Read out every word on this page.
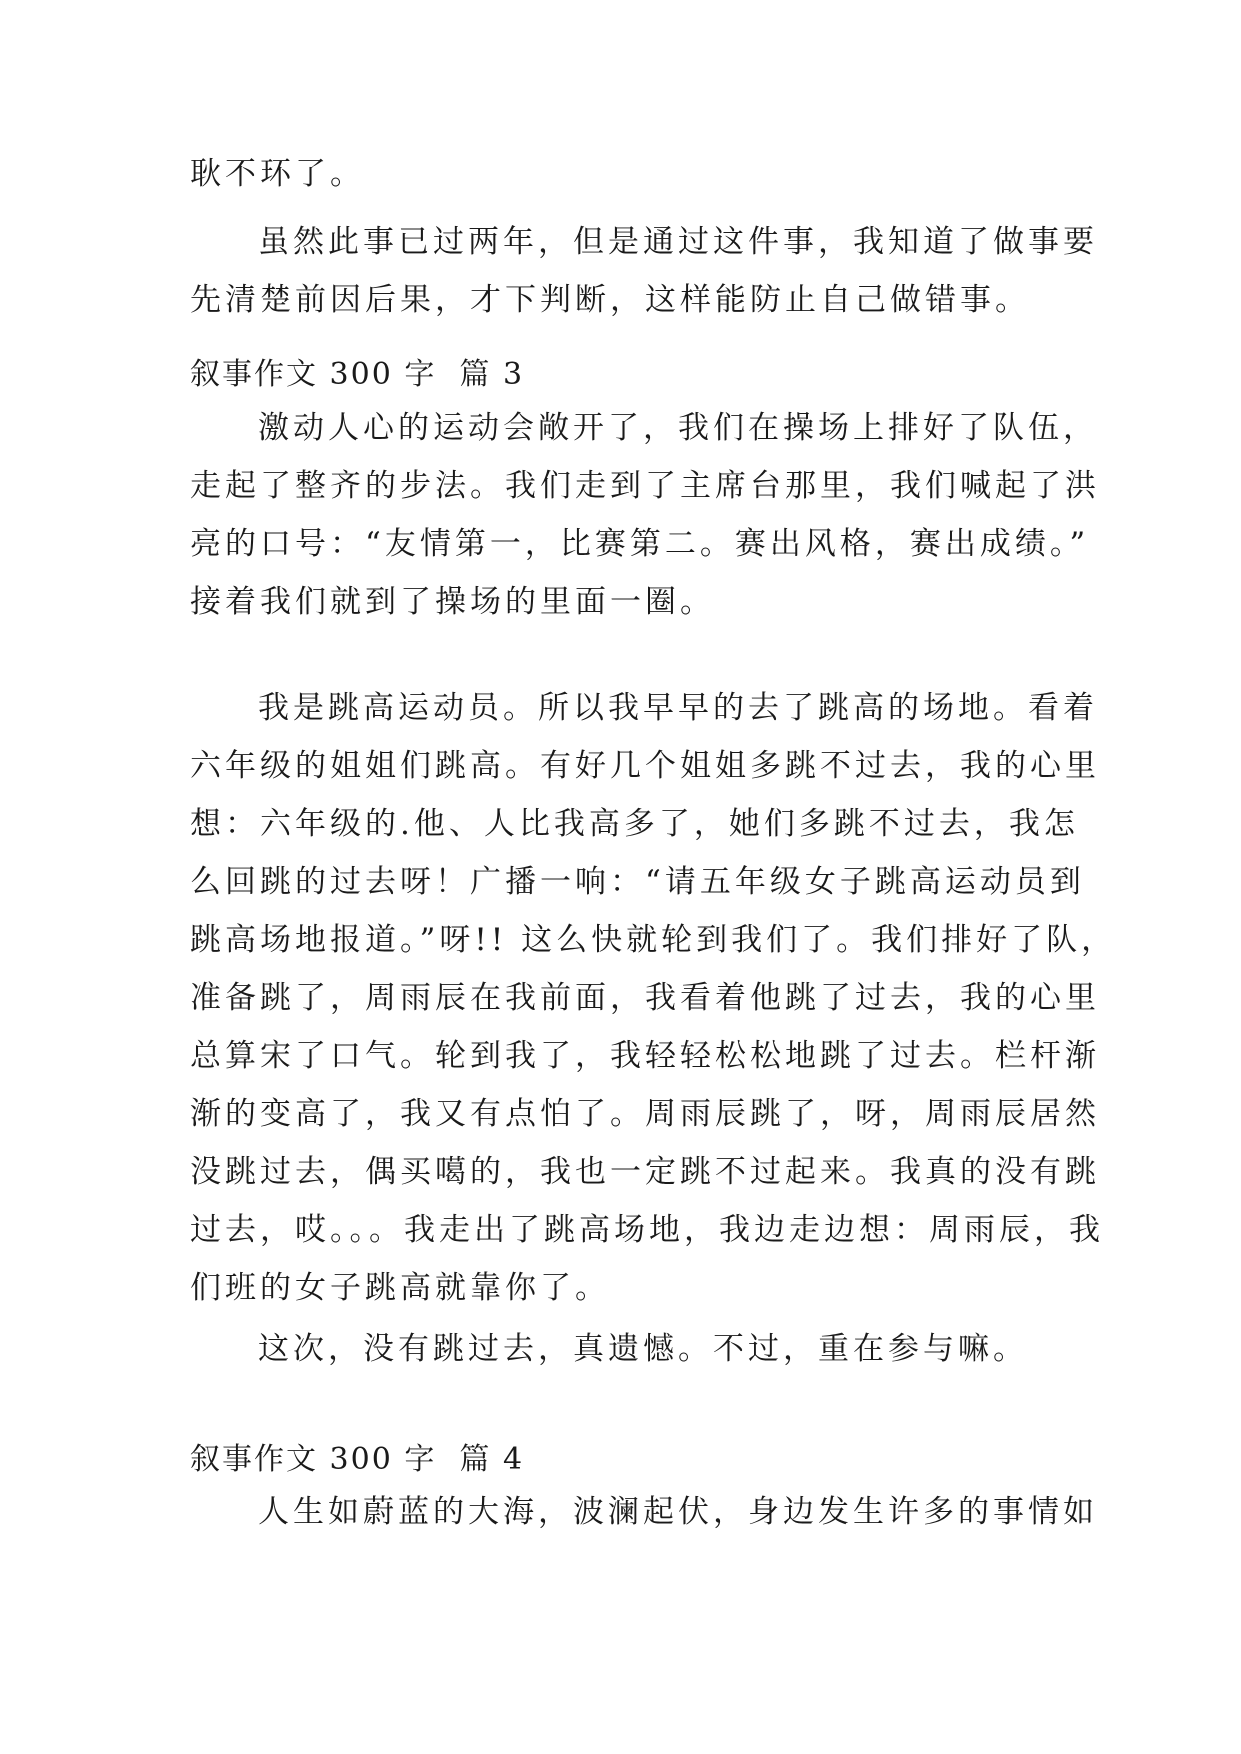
耿不环了。
虽然此事已过两年，但是通过这件事，我知道了做事要
先清楚前因后果，才下判断，这样能防止自己做错事。
叙事作文 300 字  篇 3
激动人心的运动会敞开了，我们在操场上排好了队伍，
走起了整齐的步法。我们走到了主席台那里，我们喊起了洪
亮的口号：“友情第一，比赛第二。赛出风格，赛出成绩。”
接着我们就到了操场的里面一圈。
我是跳高运动员。所以我早早的去了跳高的场地。看着
六年级的姐姐们跳高。有好几个姐姐多跳不过去，我的心里
想：六年级的.他、人比我高多了，她们多跳不过去，我怎
么回跳的过去呀！广播一响：“请五年级女子跳高运动员到
跳高场地报道。”呀!! 这么快就轮到我们了。我们排好了队，
准备跳了，周雨辰在我前面，我看着他跳了过去，我的心里
总算宋了口气。轮到我了，我轻轻松松地跳了过去。栏杆渐
渐的变高了，我又有点怕了。周雨辰跳了，呀，周雨辰居然
没跳过去，偶买噶的，我也一定跳不过起来。我真的没有跳
过去，哎。。。我走出了跳高场地，我边走边想：周雨辰，我
们班的女子跳高就靠你了。
这次，没有跳过去，真遗憾。不过，重在参与嘛。
叙事作文 300 字  篇 4
人生如蔚蓝的大海，波澜起伏，身边发生许多的事情如
